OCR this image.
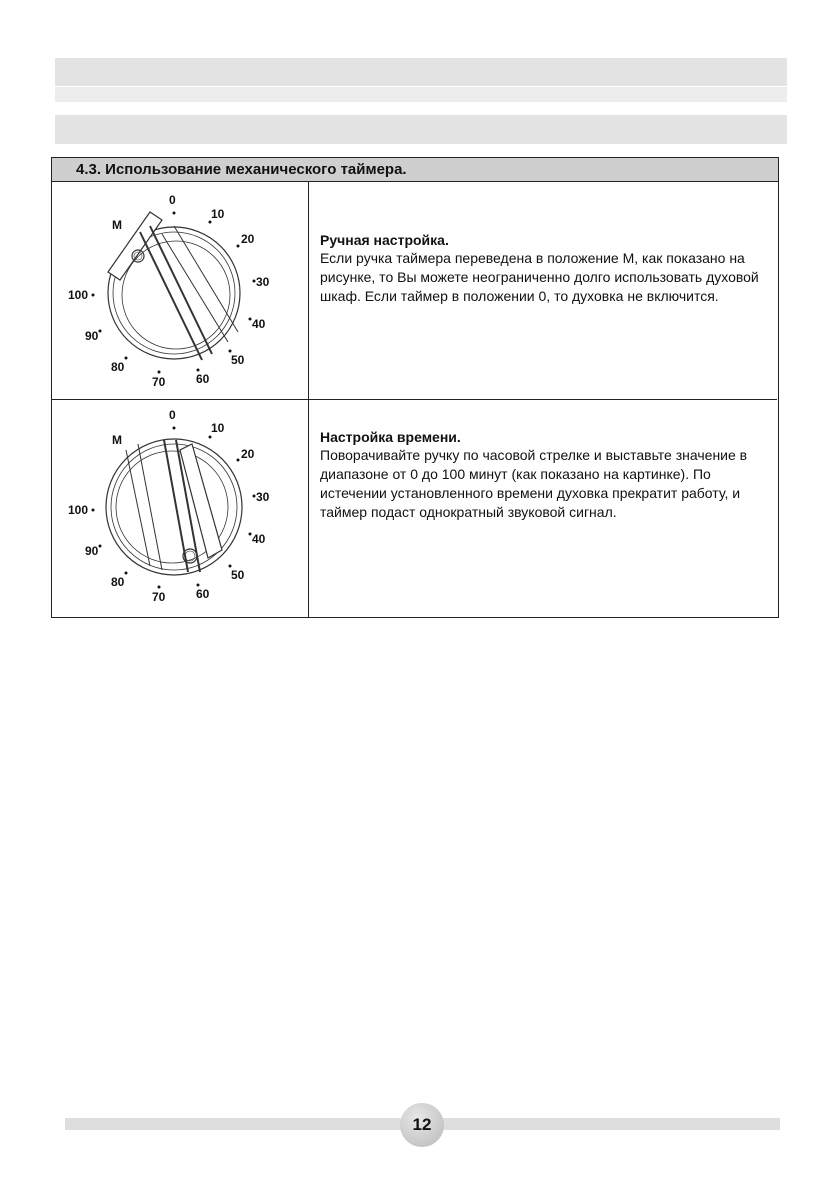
4.3. Использование механического таймера.
0
10
20
30
40
50
60
70
80
90
100
M
Ручная настройка.

Если ручка таймера переведена в положение М, как показано на рисунке, то Вы можете неограниченно долго использовать духовой шкаф. Если таймер в положении 0, то духовка не включится.

0
10
20
30
40
50
60
70
80
90
100
M	Настройка времени.

Поворачивайте ручку по часовой стрелке и выставьте значение в диапазоне от 0 до 100 минут (как показано на картинке). По истечении установленного времени духовка прекратит работу, и таймер подаст однократный звуковой сигнал.

12
